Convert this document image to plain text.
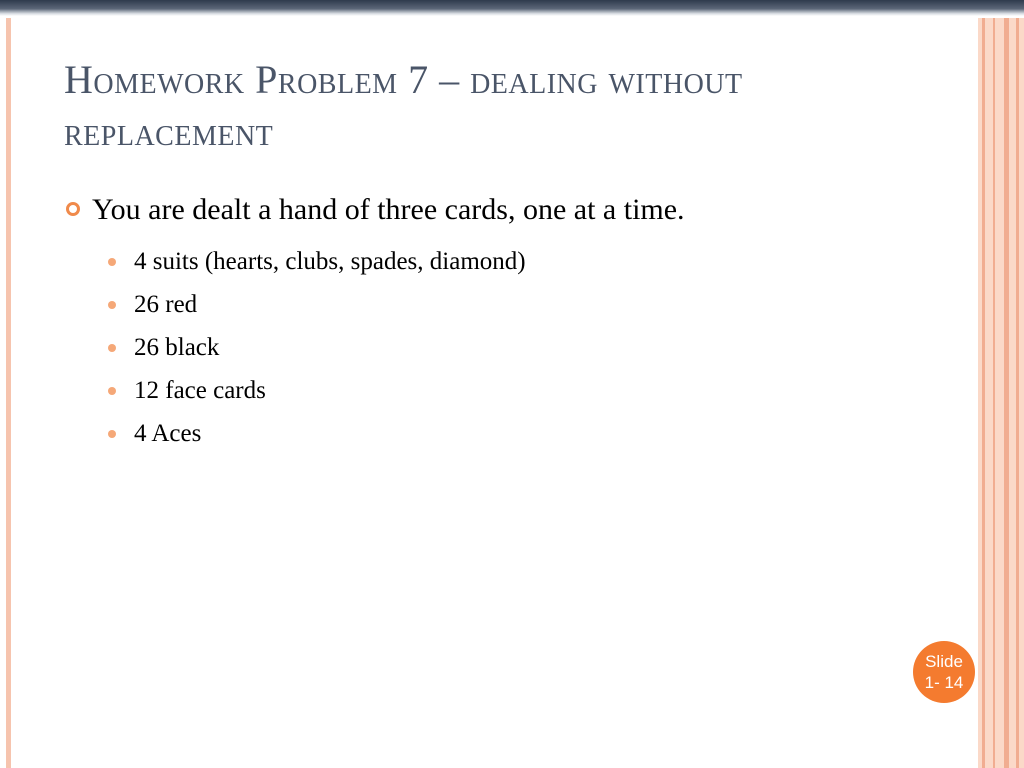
Homework Problem 7 – dealing without replacement
You are dealt a hand of three cards, one at a time.
4 suits (hearts, clubs, spades, diamond)
26 red
26 black
12 face cards
4 Aces
Slide
1- 14
